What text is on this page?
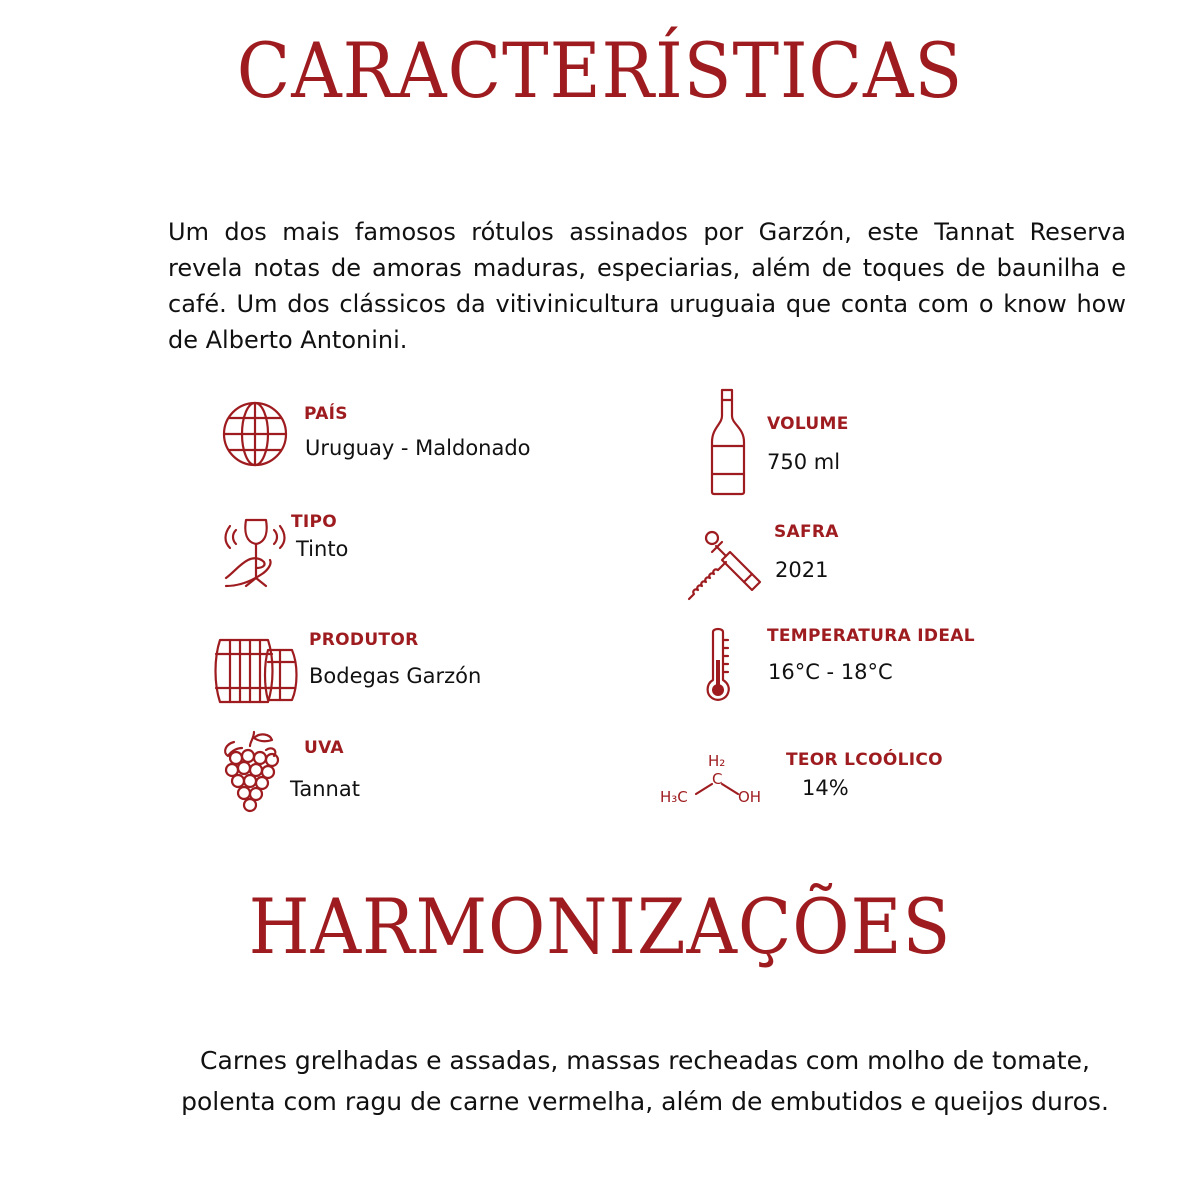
CARACTERÍSTICAS

Um dos mais famosos rótulos assinados por Garzón, este Tannat Reserva revela notas de amoras maduras, especiarias, além de toques de baunilha e café. Um dos clássicos da vitivinicultura uruguaia que conta com o know how de Alberto Antonini.

PAÍS
Uruguay - Maldonado
TIPO
Tinto
PRODUTOR
Bodegas Garzón
UVA
Tannat
VOLUME
750 ml
SAFRA
2021
TEMPERATURA IDEAL
16°C - 18°C
H₂
C
H₃C	OH
TEOR LCOÓLICO
14%
HARMONIZAÇÕES

Carnes grelhadas e assadas, massas recheadas com molho de tomate, polenta com ragu de carne vermelha, além de embutidos e queijos duros.
